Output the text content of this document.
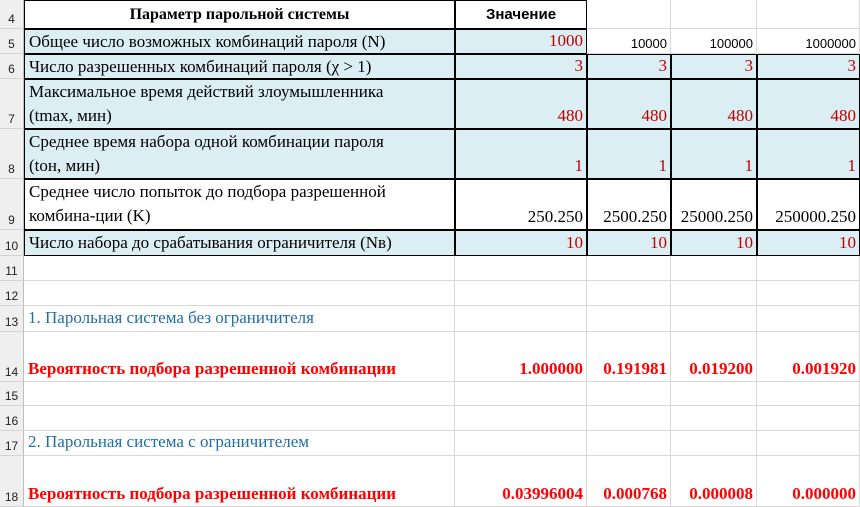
4	Параметр парольной системы	Значение
5 Общее число возможных комбинаций пароля (N)	1000	10000	100000	1000000
6 Число разрешенных комбинаций пароля (χ > 1)	3	3	3	3
7
Максимальное время действий злоумышленника
(tmax, мин)	480	480	480	480
8
Среднее время набора одной комбинации пароля
(tон, мин)	1	1	1	1
9
Среднее число попыток до подбора разрешенной
комбина-ции (K)	250.250	2500.250 25000.250	250000.250
10 Число набора до срабатывания ограничителя (Nв)	10	10	10	10
11
12
13 1. Парольная система без ограничителя
14 Вероятность подбора разрешенной комбинации	1.000000	0.191981	0.019200	0.001920
15
16
17 2. Парольная система с ограничителем
18 Вероятность подбора разрешенной комбинации	0.03996004	0.000768	0.000008	0.000000
